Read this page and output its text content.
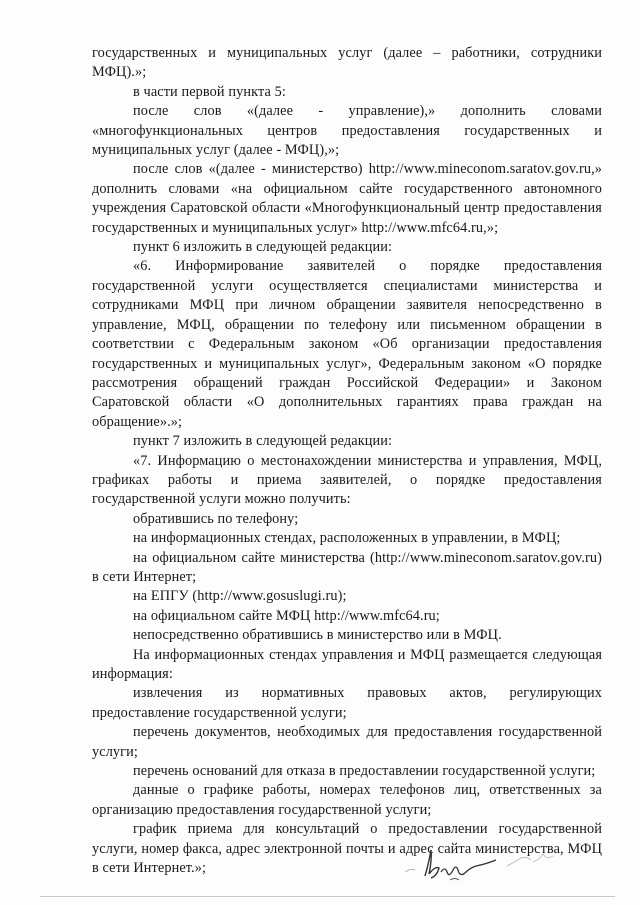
государственных и муниципальных услуг (далее – работники, сотрудники МФЦ).»;

в части первой пункта 5:

после слов «(далее - управление),» дополнить словами «многофункциональных центров предоставления государственных и муниципальных услуг (далее - МФЦ),»;

после слов «(далее - министерство) http://www.mineconom.saratov.gov.ru,» дополнить словами «на официальном сайте государственного автономного учреждения Саратовской области «Многофункциональный центр предоставления государственных и муниципальных услуг» http://www.mfc64.ru,»;

пункт 6 изложить в следующей редакции:

«6. Информирование заявителей о порядке предоставления государственной услуги осуществляется специалистами министерства и сотрудниками МФЦ при личном обращении заявителя непосредственно в управление, МФЦ, обращении по телефону или письменном обращении в соответствии с Федеральным законом «Об организации предоставления государственных и муниципальных услуг», Федеральным законом «О порядке рассмотрения обращений граждан Российской Федерации» и Законом Саратовской области «О дополнительных гарантиях права граждан на обращение».»;

пункт 7 изложить в следующей редакции:

«7. Информацию о местонахождении министерства и управления, МФЦ, графиках работы и приема заявителей, о порядке предоставления государственной услуги можно получить:

обратившись по телефону;

на информационных стендах, расположенных в управлении, в МФЦ;

на официальном сайте министерства (http://www.mineconom.saratov.gov.ru) в сети Интернет;

на ЕПГУ (http://www.gosuslugi.ru);

на официальном сайте МФЦ http://www.mfc64.ru;

непосредственно обратившись в министерство или в МФЦ.

На информационных стендах управления и МФЦ размещается следующая информация:

извлечения из нормативных правовых актов, регулирующих предоставление государственной услуги;

перечень документов, необходимых для предоставления государственной услуги;

перечень оснований для отказа в предоставлении государственной услуги;

данные о графике работы, номерах телефонов лиц, ответственных за организацию предоставления государственной услуги;

график приема для консультаций о предоставлении государственной услуги, номер факса, адрес электронной почты и адрес сайта министерства, МФЦ в сети Интернет.»;
